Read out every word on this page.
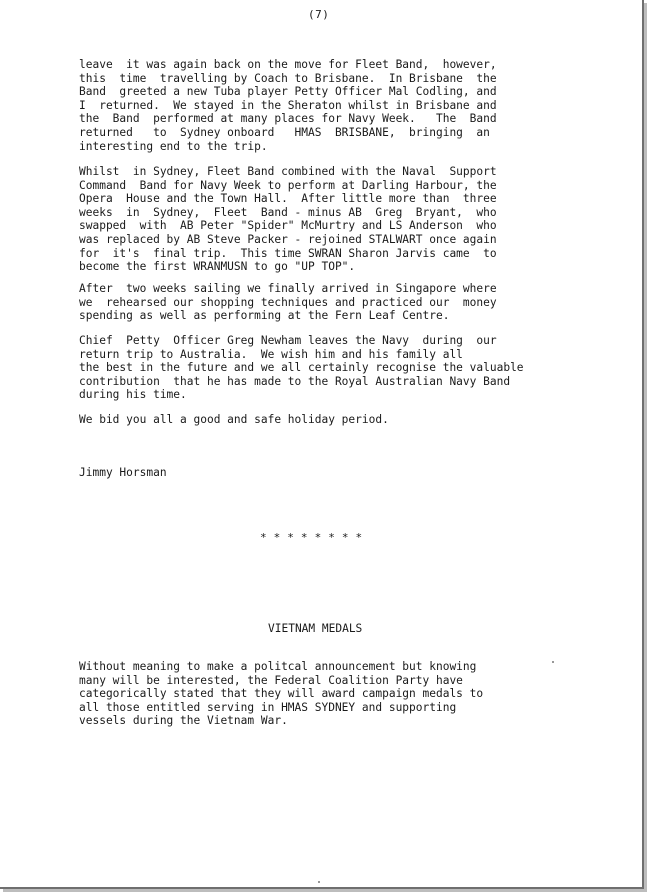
(7)
leave  it was again back on the move for Fleet Band,  however,
this  time  travelling by Coach to Brisbane.  In Brisbane  the
Band  greeted a new Tuba player Petty Officer Mal Codling, and
I  returned.  We stayed in the Sheraton whilst in Brisbane and
the  Band  performed at many places for Navy Week.   The  Band
returned   to  Sydney onboard   HMAS  BRISBANE,  bringing  an
interesting end to the trip.
Whilst  in Sydney, Fleet Band combined with the Naval  Support
Command  Band for Navy Week to perform at Darling Harbour, the
Opera  House and the Town Hall.  After little more than  three
weeks  in  Sydney,  Fleet  Band - minus AB  Greg  Bryant,  who
swapped  with  AB Peter "Spider" McMurtry and LS Anderson  who
was replaced by AB Steve Packer - rejoined STALWART once again
for  it's  final trip.  This time SWRAN Sharon Jarvis came  to
become the first WRANMUSN to go "UP TOP".
After  two weeks sailing we finally arrived in Singapore where
we  rehearsed our shopping techniques and practiced our  money
spending as well as performing at the Fern Leaf Centre.
Chief  Petty  Officer Greg Newham leaves the Navy  during  our
return trip to Australia.  We wish him and his family all
the best in the future and we all certainly recognise the valuable
contribution  that he has made to the Royal Australian Navy Band
during his time.
We bid you all a good and safe holiday period.
Jimmy Horsman
* * * * * * * *
VIETNAM MEDALS
Without meaning to make a politcal announcement but knowing
many will be interested, the Federal Coalition Party have
categorically stated that they will award campaign medals to
all those entitled serving in HMAS SYDNEY and supporting
vessels during the Vietnam War.
